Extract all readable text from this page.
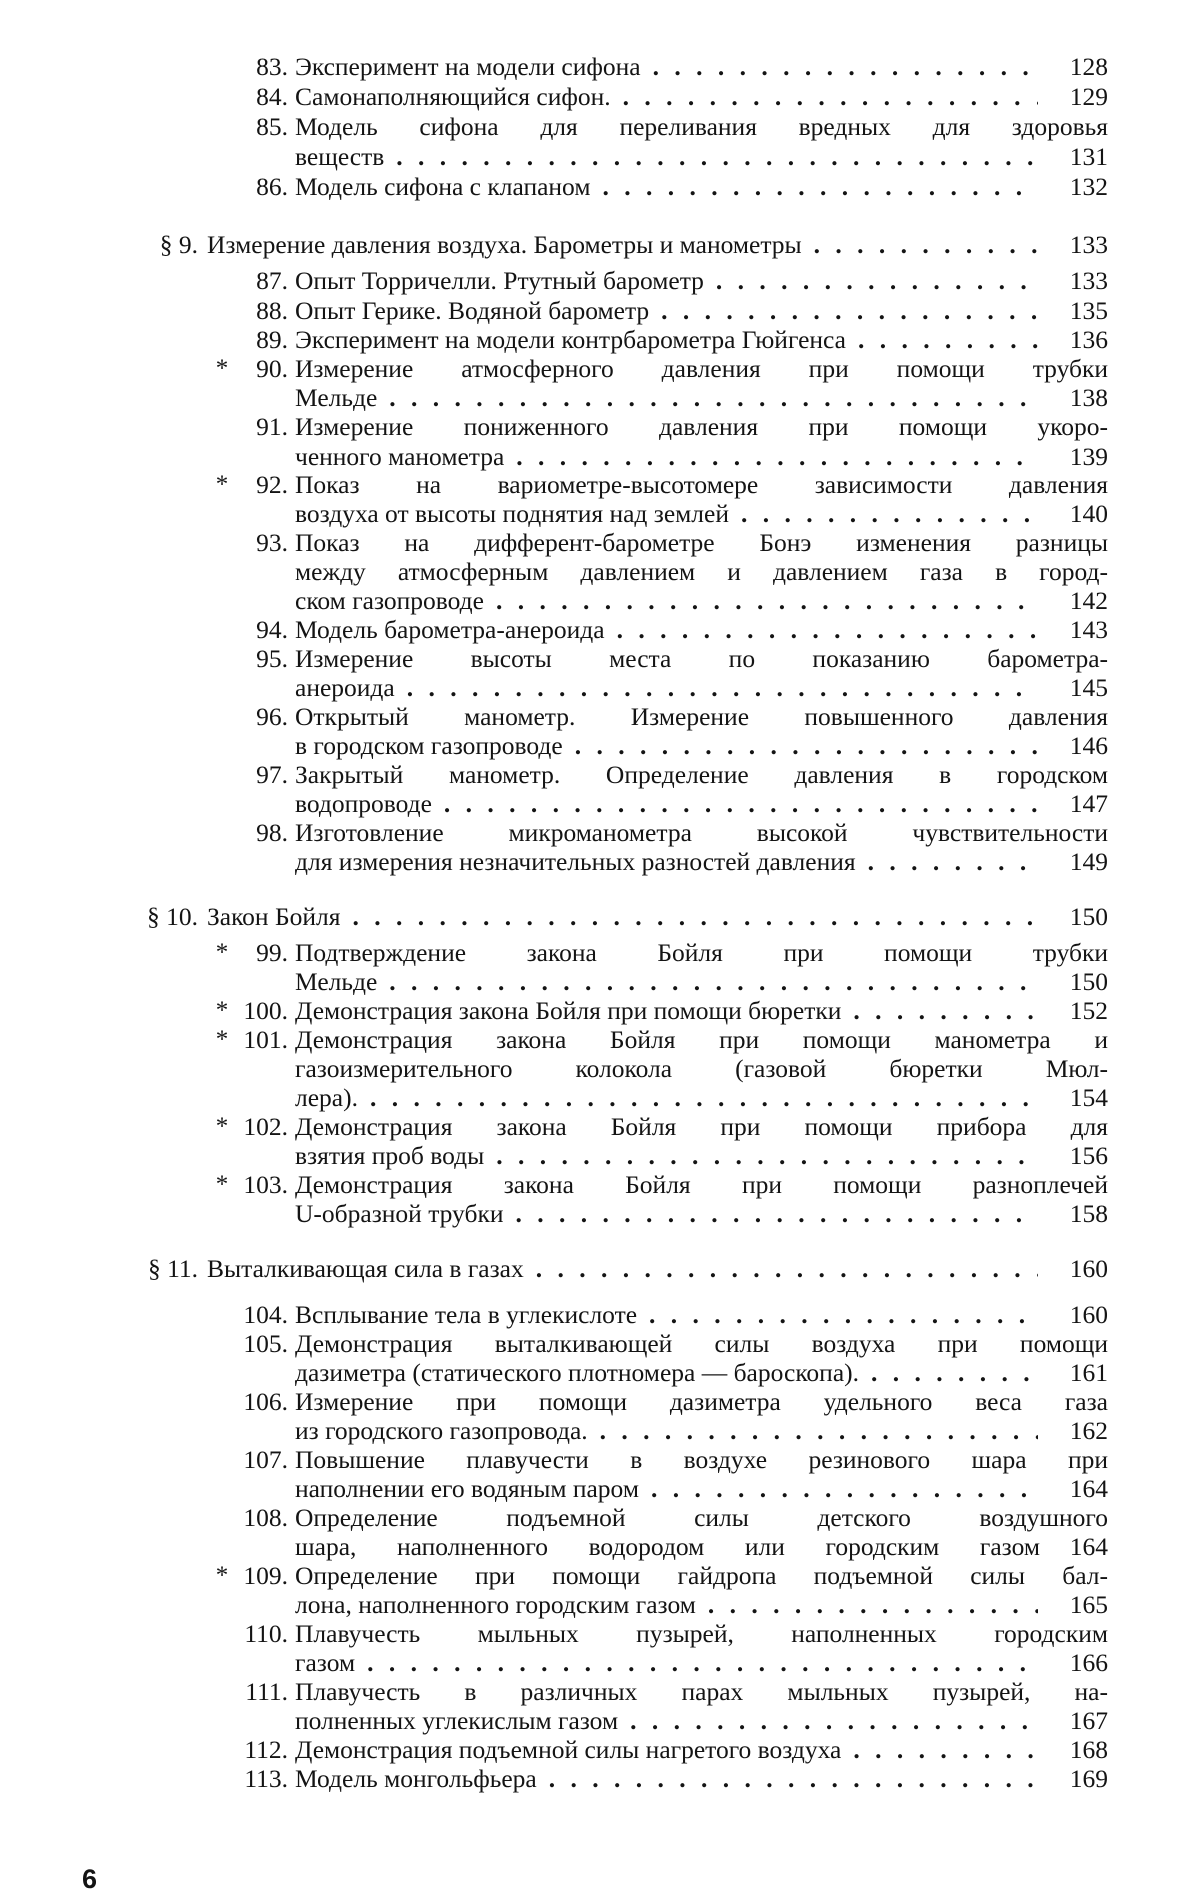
83. Эксперимент на модели сифона . . .	128
84. Самонаполняющийся сифон. . . .	129
85. Модель сифона для переливания вредных для здоровья
веществ . . .	131
86. Модель сифона с клапаном . . .	132
§ 9. Измерение давления воздуха. Барометры и манометры . . .	133
87. Опыт Торричелли. Ртутный барометр . . .	133
88. Опыт Герике. Водяной барометр . . .	135
89. Эксперимент на модели контрбарометра Гюйгенса . . .	136
*	90. Измерение атмосферного давления при помощи трубки
Мельде . . .	138
91. Измерение пониженного давления при помощи укоро-
ченного манометра . . .	139
*	92. Показ на вариометре-высотомере зависимости давления
воздуха от высоты поднятия над землей . . .	140
93. Показ на дифферент-барометре Бонэ изменения разницы
между атмосферным давлением и давлением газа в город-
ском газопроводе . . .	142
94. Модель барометра-анероида . . .	143
95. Измерение высоты места по показанию барометра-
анероида . . .	145
96. Открытый манометр. Измерение повышенного давления
в городском газопроводе . . .	146
97. Закрытый манометр. Определение давления в городском
водопроводе . . .	147
98. Изготовление микроманометра высокой чувствительности
для измерения незначительных разностей давления . . .	149
§ 10. Закон Бойля . . .	150
*	99. Подтверждение закона Бойля при помощи трубки
Мельде . . .	150
* 100. Демонстрация закона Бойля при помощи бюретки . . .	152
* 101. Демонстрация закона Бойля при помощи манометра и
газоизмерительного колокола (газовой бюретки Мюл-
лера). . . .	154
* 102. Демонстрация закона Бойля при помощи прибора для
взятия проб воды . . .	156
* 103. Демонстрация закона Бойля при помощи разноплечей
U-образной трубки . . .	158
§ 11. Выталкивающая сила в газах . . .	160
104. Всплывание тела в углекислоте . . .	160
105. Демонстрация выталкивающей силы воздуха при помощи
дазиметра (статического плотномера — бароскопа). . . .	161
106. Измерение при помощи дазиметра удельного веса газа
из городского газопровода. . . .	162
107. Повышение плавучести в воздухе резинового шара при
наполнении его водяным паром . . .	164
108. Определение подъемной силы детского воздушного
шара, наполненного водородом или городским газом	164
* 109. Определение при помощи гайдропа подъемной силы бал-
лона, наполненного городским газом . . .	165
110. Плавучесть мыльных пузырей, наполненных городским
газом . . .	166
111. Плавучесть в различных парах мыльных пузырей, на-
полненных углекислым газом . . .	167
112. Демонстрация подъемной силы нагретого воздуха . . .	168
113. Модель монгольфьера . . .	169
6
